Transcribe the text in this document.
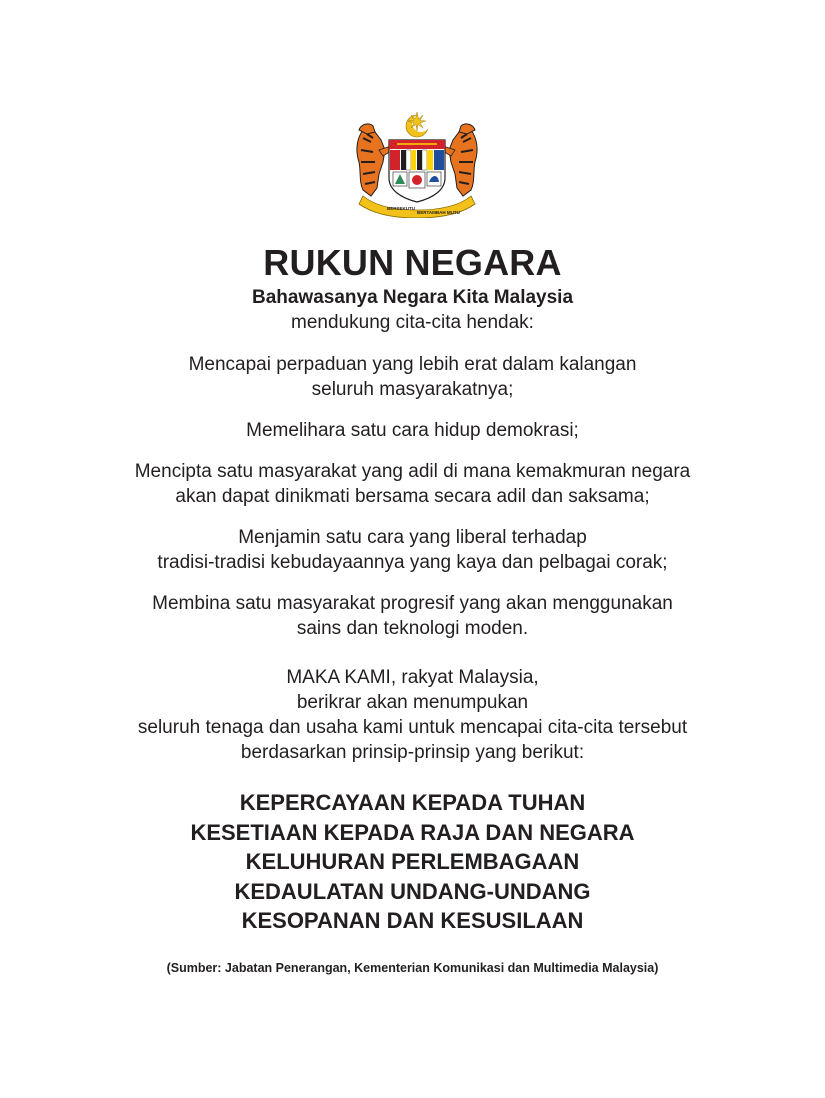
BERSEKUTU
BERTAMBAH MUTU
RUKUN NEGARA
Bahawasanya Negara Kita Malaysia
mendukung cita-cita hendak:

Mencapai perpaduan yang lebih erat dalam kalangan
seluruh masyarakatnya;

Memelihara satu cara hidup demokrasi;

Mencipta satu masyarakat yang adil di mana kemakmuran negara
akan dapat dinikmati bersama secara adil dan saksama;

Menjamin satu cara yang liberal terhadap
tradisi-tradisi kebudayaannya yang kaya dan pelbagai corak;

Membina satu masyarakat progresif yang akan menggunakan
sains dan teknologi moden.

MAKA KAMI, rakyat Malaysia,
berikrar akan menumpukan
seluruh tenaga dan usaha kami untuk mencapai cita-cita tersebut
berdasarkan prinsip-prinsip yang berikut:
KEPERCAYAAN KEPADA TUHAN
KESETIAAN KEPADA RAJA DAN NEGARA
KELUHURAN PERLEMBAGAAN
KEDAULATAN UNDANG-UNDANG
KESOPANAN DAN KESUSILAAN
(Sumber: Jabatan Penerangan, Kementerian Komunikasi dan Multimedia Malaysia)
